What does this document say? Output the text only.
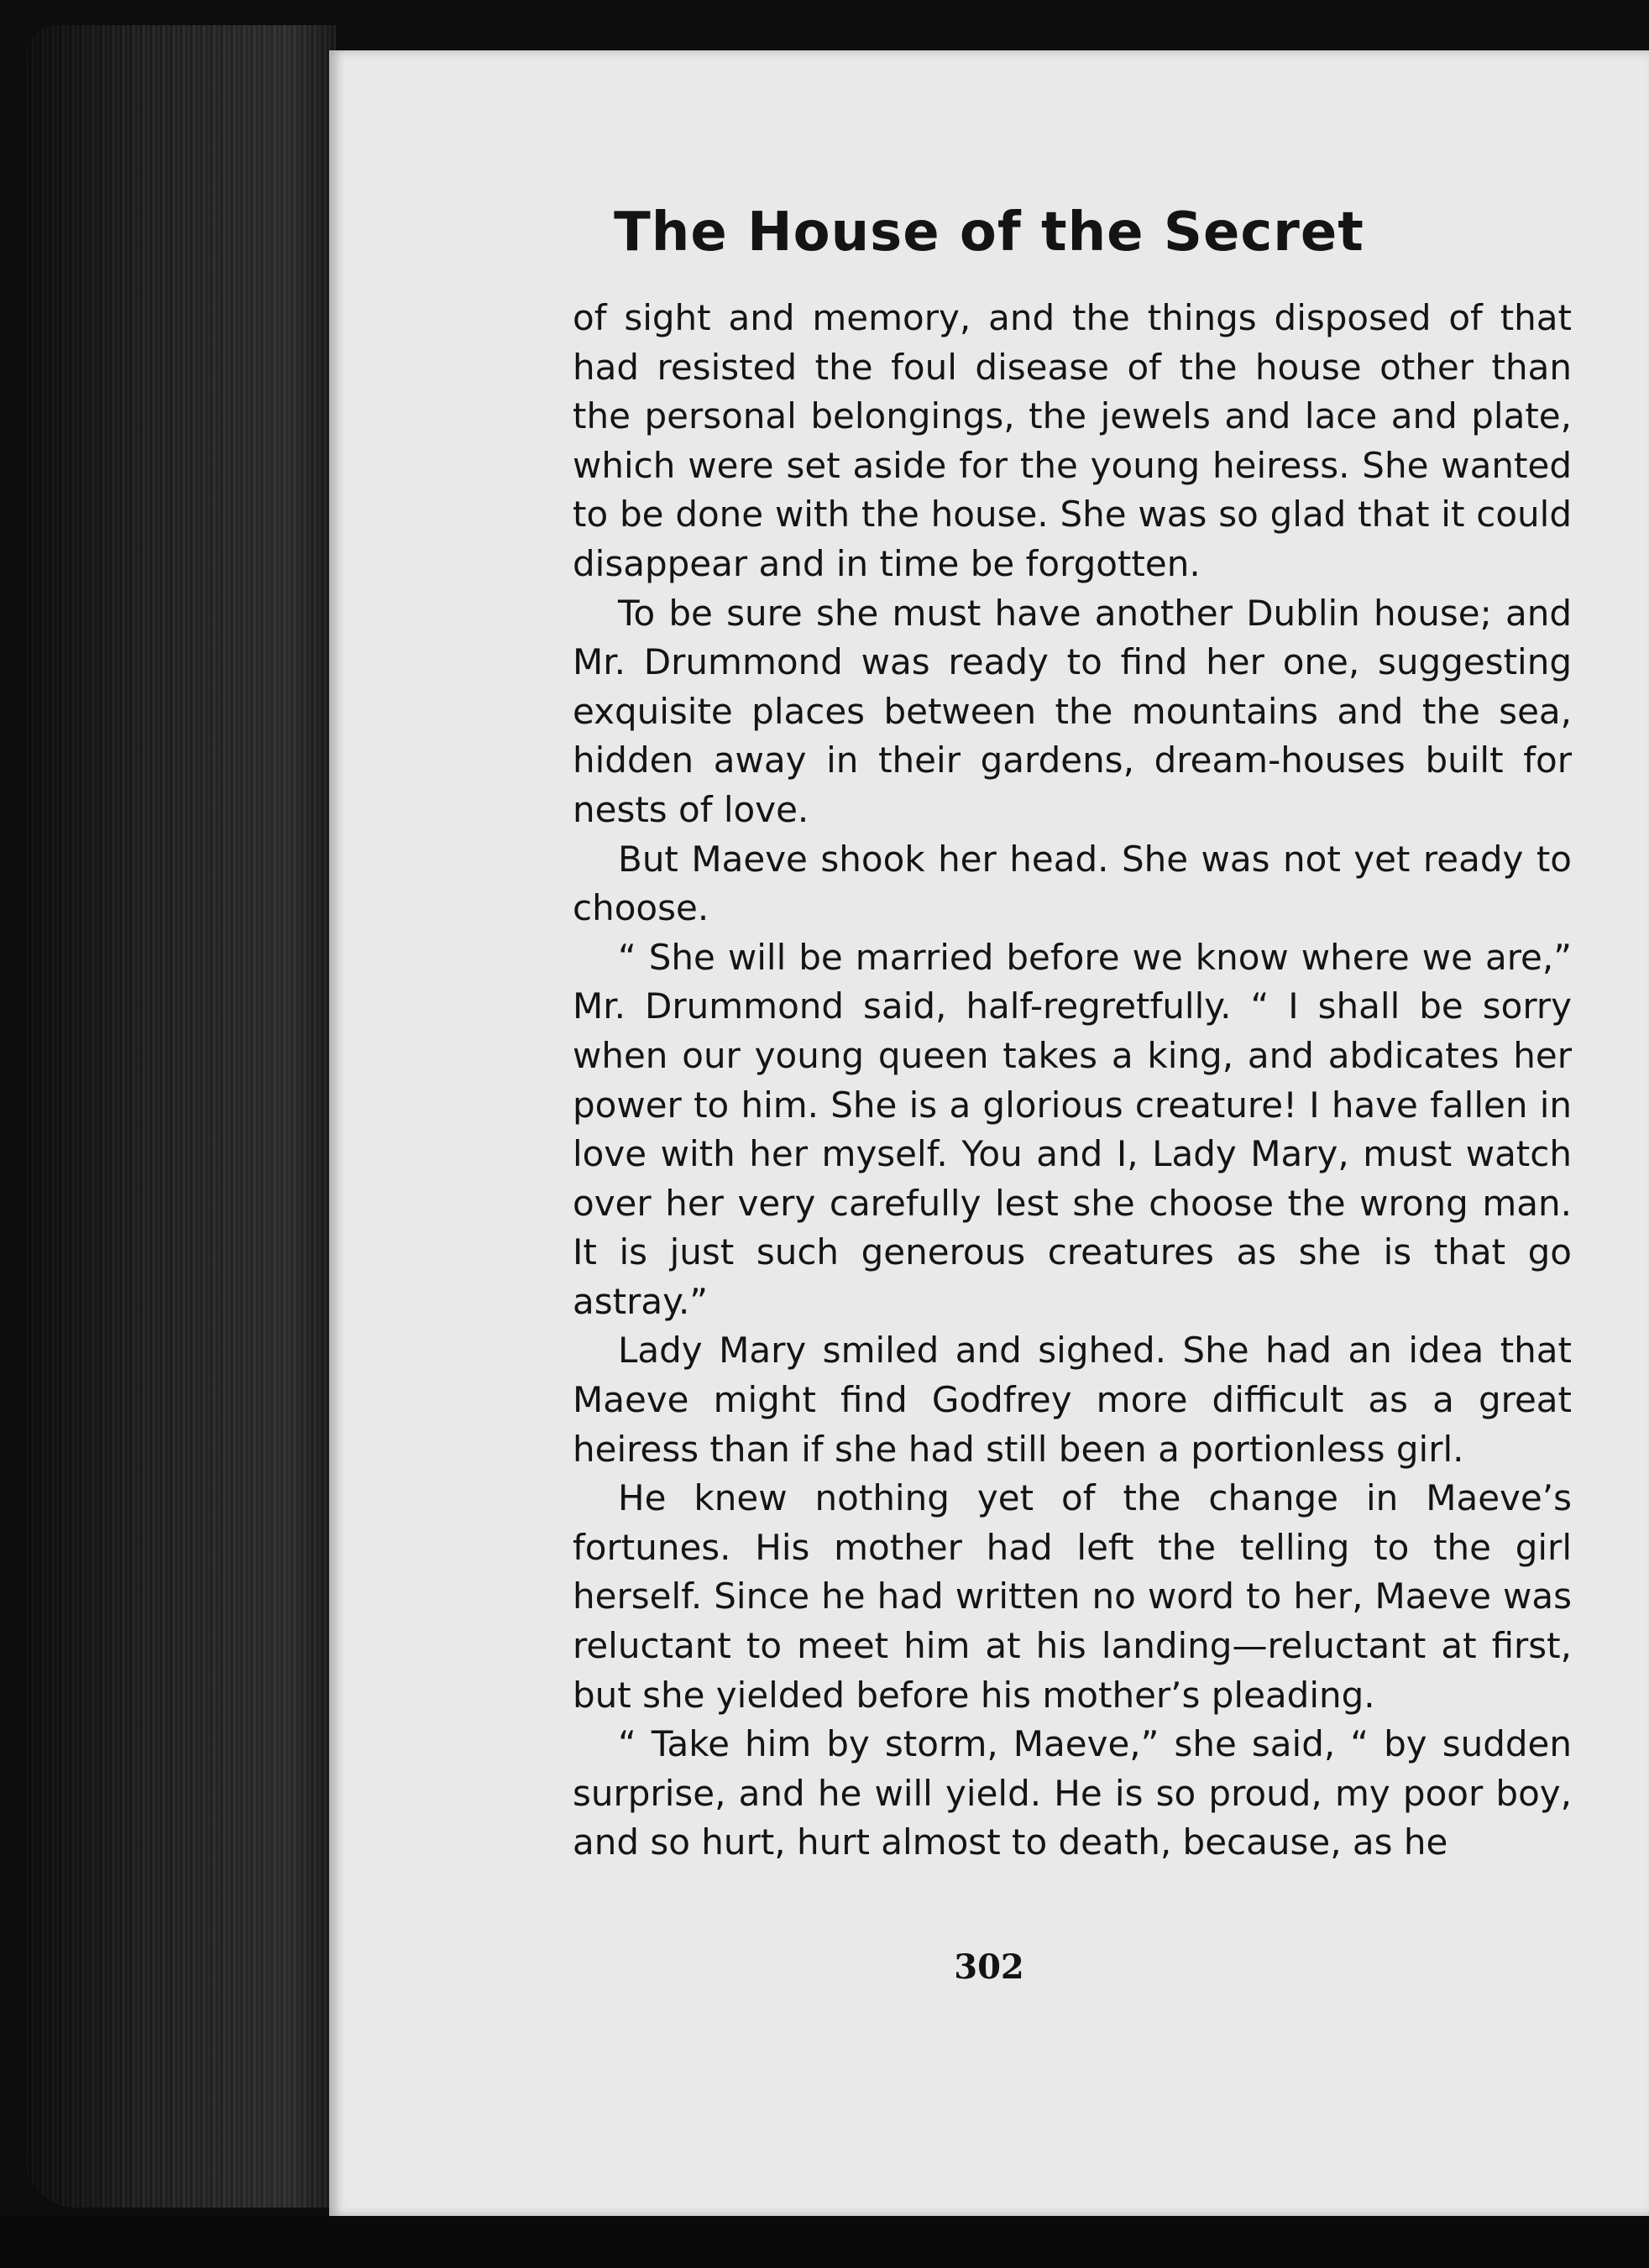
The House of the Secret

of sight and memory, and the things disposed of that had resisted the foul disease of the house other than the personal belongings, the jewels and lace and plate, which were set aside for the young heiress. She wanted to be done with the house. She was so glad that it could disappear and in time be forgotten.

To be sure she must have another Dublin house; and Mr. Drummond was ready to find her one, suggesting exquisite places between the mountains and the sea, hidden away in their gardens, dream-houses built for nests of love.

But Maeve shook her head. She was not yet ready to choose.

“ She will be married before we know where we are,” Mr. Drummond said, half-regretfully. “ I shall be sorry when our young queen takes a king, and abdicates her power to him. She is a glorious creature! I have fallen in love with her myself. You and I, Lady Mary, must watch over her very carefully lest she choose the wrong man. It is just such generous creatures as she is that go astray.”

Lady Mary smiled and sighed. She had an idea that Maeve might find Godfrey more difficult as a great heiress than if she had still been a portionless girl.

He knew nothing yet of the change in Maeve’s fortunes. His mother had left the telling to the girl herself. Since he had written no word to her, Maeve was reluctant to meet him at his landing—reluctant at first, but she yielded before his mother’s pleading.

“ Take him by storm, Maeve,” she said, “ by sudden surprise, and he will yield. He is so proud, my poor boy, and so hurt, hurt almost to death, because, as he

302
